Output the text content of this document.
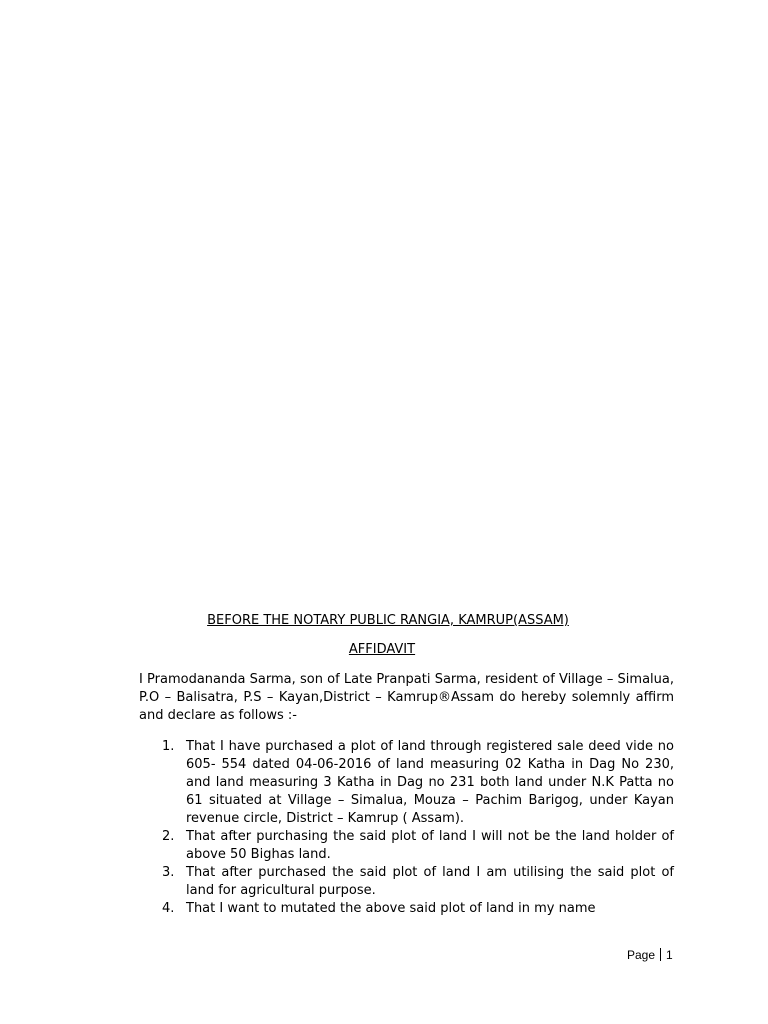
BEFORE THE NOTARY PUBLIC RANGIA, KAMRUP(ASSAM)

AFFIDAVIT

I Pramodananda Sarma, son of Late Pranpati Sarma, resident of Village – Simalua, P.O – Balisatra, P.S – Kayan,District – Kamrup®Assam do hereby solemnly affirm and declare as follows :-

1. That I have purchased a plot of land through registered sale deed vide no 605- 554 dated 04-06-2016 of land measuring 02 Katha in Dag No 230, and land measuring 3 Katha in Dag no 231 both land under N.K Patta no 61 situated at Village – Simalua, Mouza – Pachim Barigog, under Kayan revenue circle, District – Kamrup ( Assam).
2. That after purchasing the said plot of land I will not be the land holder of above 50 Bighas land.
3. That after purchased the said plot of land I am utilising the said plot of land for agricultural purpose.
4. That I want to mutated the above said plot of land in my name
Page 1
